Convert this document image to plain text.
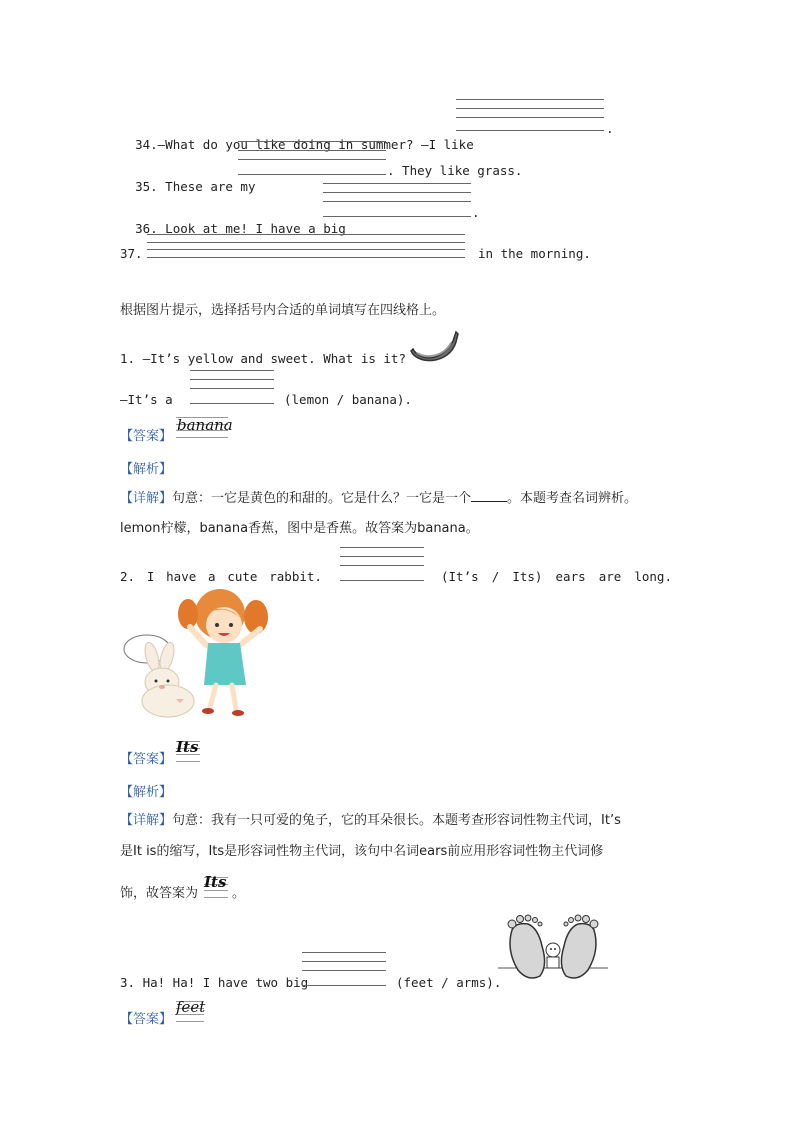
34.—What do you like doing in summer? —I like

.

35. These are my

. They like grass.

36. Look at me! I have a big

.
37.	in the morning.
根据图片提示，选择括号内合适的单词填写在四线格上。
1. —It’s yellow and sweet. What is it?
—It’s a	(lemon / banana).
【答案】
banana
【解析】
【详解】句意：一它是黄色的和甜的。它是什么？一它是一个	。本题考查名词辨析。
lemon柠檬，banana香蕉，图中是香蕉。故答案为banana。
2. I have a cute rabbit.	(It’s / Its) ears are long.
【答案】
Its
【解析】
【详解】句意：我有一只可爱的兔子，它的耳朵很长。本题考查形容词性物主代词，It’s
是It is的缩写，Its是形容词性物主代词，该句中名词ears前应用形容词性物主代词修
饰，故答案为
Its
。
3. Ha! Ha! I have two big	(feet / arms).
【答案】
feet
